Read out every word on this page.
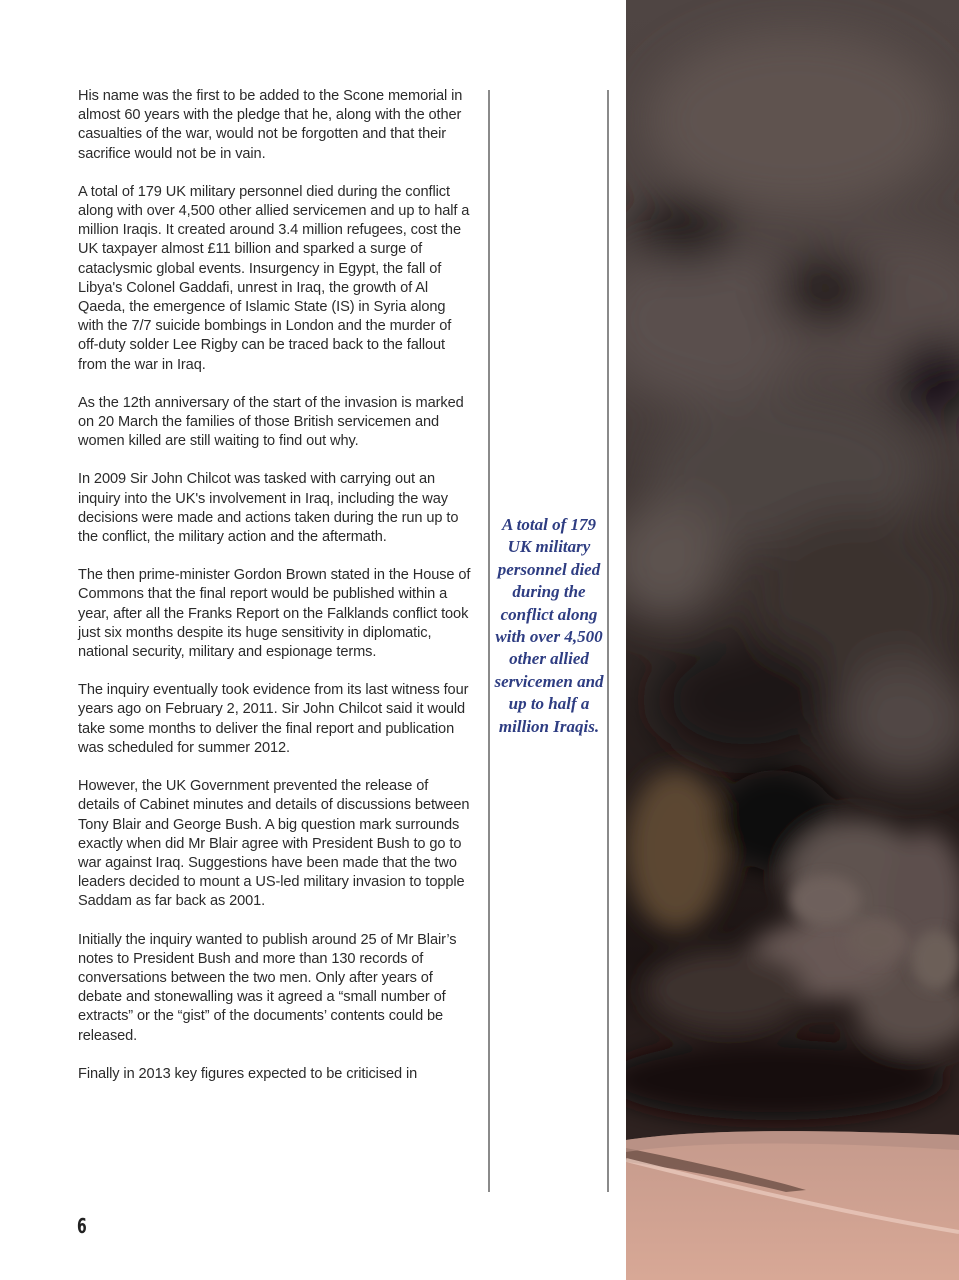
His name was the first to be added to the Scone memorial in almost 60 years with the pledge that he, along with the other casualties of the war, would not be forgotten and that their sacrifice would not be in vain.

A total of 179 UK military personnel died during the conflict along with over 4,500 other allied servicemen and up to half a million Iraqis. It created around 3.4 million refugees, cost the UK taxpayer almost £11 billion and sparked a surge of cataclysmic global events. Insurgency in Egypt, the fall of Libya's Colonel Gaddafi, unrest in Iraq, the growth of Al Qaeda, the emergence of Islamic State (IS) in Syria along with the 7/7 suicide bombings in London and the murder of off-duty solder Lee Rigby can be traced back to the fallout from the war in Iraq.

As the 12th anniversary of the start of the invasion is marked on 20 March the families of those British servicemen and women killed are still waiting to find out why.

In 2009 Sir John Chilcot was tasked with carrying out an inquiry into the UK's involvement in Iraq, including the way decisions were made and actions taken during the run up to the conflict, the military action and the aftermath.

The then prime-minister Gordon Brown stated in the House of Commons that the final report would be published within a year, after all the Franks Report on the Falklands conflict took just six months despite its huge sensitivity in diplomatic, national security, military and espionage terms.

The inquiry eventually took evidence from its last witness four years ago on February 2, 2011. Sir John Chilcot said it would take some months to deliver the final report and publication was scheduled for summer 2012.

However, the UK Government prevented the release of details of Cabinet minutes and details of discussions between Tony Blair and George Bush. A big question mark surrounds exactly when did Mr Blair agree with President Bush to go to war against Iraq. Suggestions have been made that the two leaders decided to mount a US-led military invasion to topple Saddam as far back as 2001.

Initially the inquiry wanted to publish around 25 of Mr Blair’s notes to President Bush and more than 130 records of conversations between the two men. Only after years of debate and stonewalling was it agreed a “small number of extracts” or the “gist” of the documents’ contents could be released.

Finally in 2013 key figures expected to be criticised in

A total of 179 UK military personnel died during the conflict along with over 4,500 other allied servicemen and up to half a million Iraqis.
6
